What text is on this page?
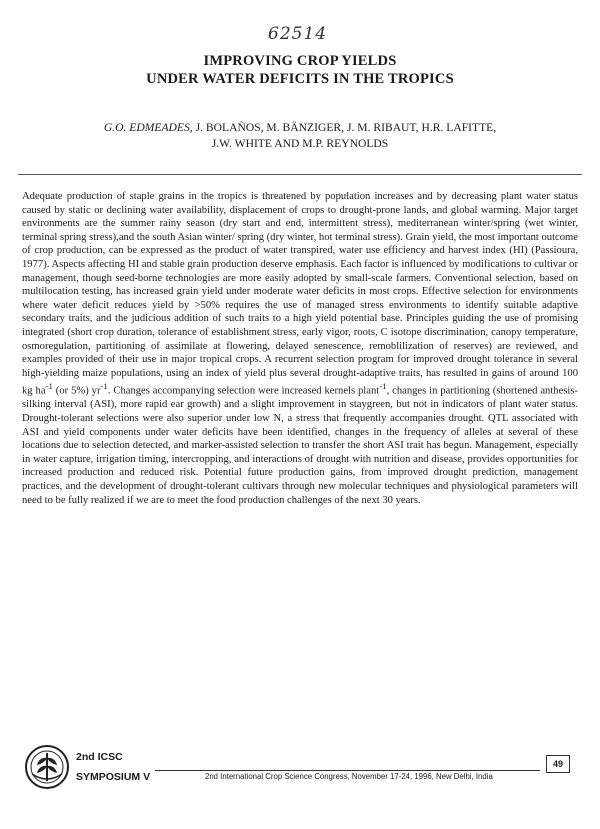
62514
IMPROVING CROP YIELDS
UNDER WATER DEFICITS IN THE TROPICS
G.O. EDMEADES, J. BOLAÑOS, M. BÄNZIGER, J. M. RIBAUT, H.R. LAFITTE,
J.W. WHITE AND M.P. REYNOLDS

Adequate production of staple grains in the tropics is threatened by population increases and by decreasing plant water status caused by static or declining water availability, displacement of crops to drought-prone lands, and global warming. Major target environments are the summer rainy season (dry start and end, intermittent stress), mediterranean winter/spring (wet winter, terminal spring stress),and the south Asian winter/ spring (dry winter, hot terminal stress). Grain yield, the most important outcome of crop production, can be expressed as the product of water transpired, water use efficiency and harvest index (HI) (Passioura, 1977). Aspects affecting HI and stable grain production deserve emphasis. Each factor is influenced by modifications to cultivar or management, though seed-borne technologies are more easily adopted by small-scale farmers. Conventional selection, based on multilocation testing, has increased grain yield under moderate water deficits in most crops. Effective selection for environments where water deficit reduces yield by >50% requires the use of managed stress environments to identify suitable adaptive secondary traits, and the judicious addition of such traits to a high yield potential base. Principles guiding the use of promising integrated (short crop duration, tolerance of establishment stress, early vigor, roots, C isotope discrimination, canopy temperature, osmoregulation, partitioning of assimilate at flowering, delayed senescence, remoblilization of reserves) are reviewed, and examples provided of their use in major tropical crops. A recurrent selection program for improved drought tolerance in several high-yielding maize populations, using an index of yield plus several drought-adaptive traits, has resulted in gains of around 100 kg $ha^{-1}$ (or 5%) $yr^{-1}$. Changes accompanying selection were increased kernels plant$^{-1}$, changes in partitioning (shortened anthesis-silking interval (ASI), more rapid ear growth) and a slight improvement in staygreen, but not in indicators of plant water status. Drought-tolerant selections were also superior under low N, a stress that frequently accompanies drought. QTL associated with ASI and yield components under water deficits have been identified, changes in the frequency of alleles at several of these locations due to selection detected, and marker-assisted selection to transfer the short ASI trait has begun. Management, especially in water capture, irrigation timing, intercropping, and interactions of drought with nutrition and disease, provides opportunities for increased production and reduced risk. Potential future production gains, from improved drought prediction, management practices, and the development of drought-tolerant cultivars through new molecular techniques and physiological parameters will need to be fully realized if we are to meet the food production challenges of the next 30 years.

2nd ICSC
SYMPOSIUM V	2nd International Crop Science Congress, November 17-24, 1996, New Delhi, India
49
